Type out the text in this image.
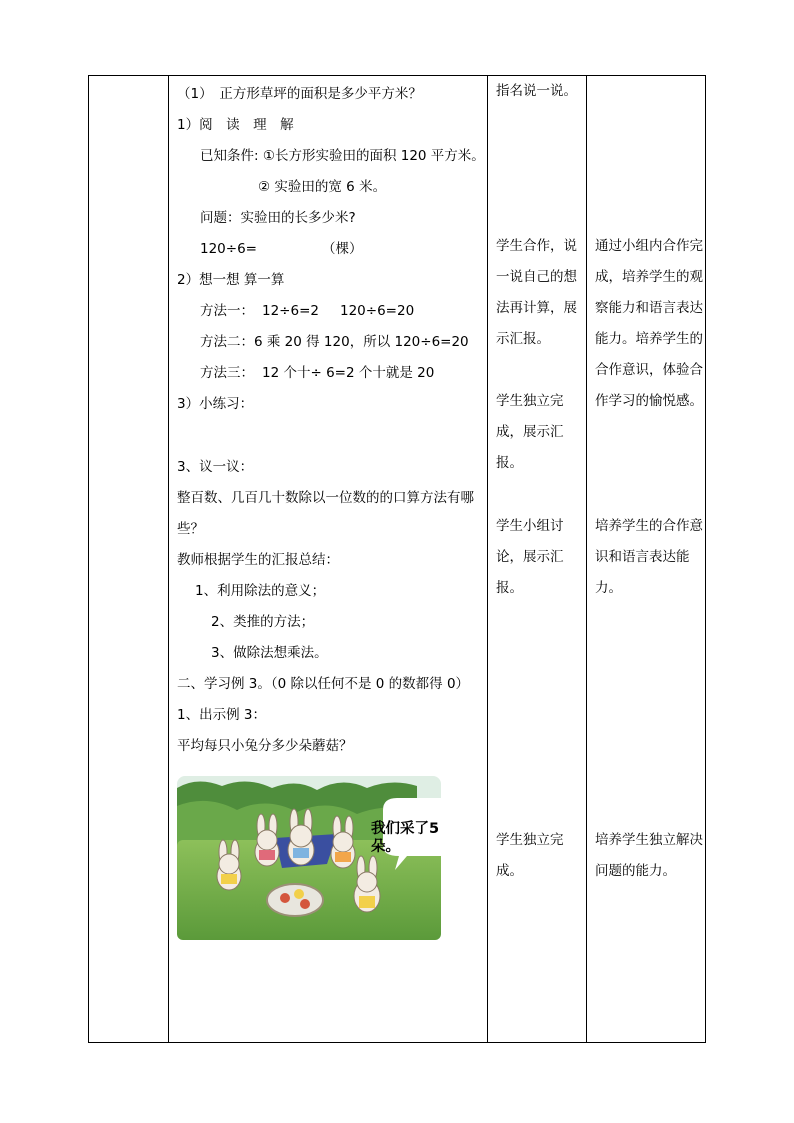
（1）　正方形草坪的面积是多少平方米？
1）阅　读　理　解
已知条件: ①长方形实验田的面积 120 平方米。
② 实验田的宽 6 米。
问题：实验田的长多少米?
120÷6=	（棵）
2）想一想 算一算
方法一： 12÷6=2 120÷6=20
方法二：6 乘 20 得 120，所以 120÷6=20
方法三： 12 个十÷ 6=2 个十就是 20
3）小练习：
3、议一议：
整百数、几百几十数除以一位数的的口算方法有哪
些？
教师根据学生的汇报总结：
1、利用除法的意义；
2、类推的方法；
3、做除法想乘法。
二、学习例 3。（0 除以任何不是 0 的数都得 0）
1、出示例 3：
平均每只小兔分多少朵蘑菇？
我们采了5朵。
指名说一说。
学生合作，说一说自己的想法再计算，展示汇报。
学生独立完成，展示汇报。
学生小组讨论，展示汇报。
学生独立完成。
通过小组内合作完成，培养学生的观察能力和语言表达能力。培养学生的合作意识，体验合作学习的愉悦感。
培养学生的合作意识和语言表达能力。
培养学生独立解决问题的能力。
